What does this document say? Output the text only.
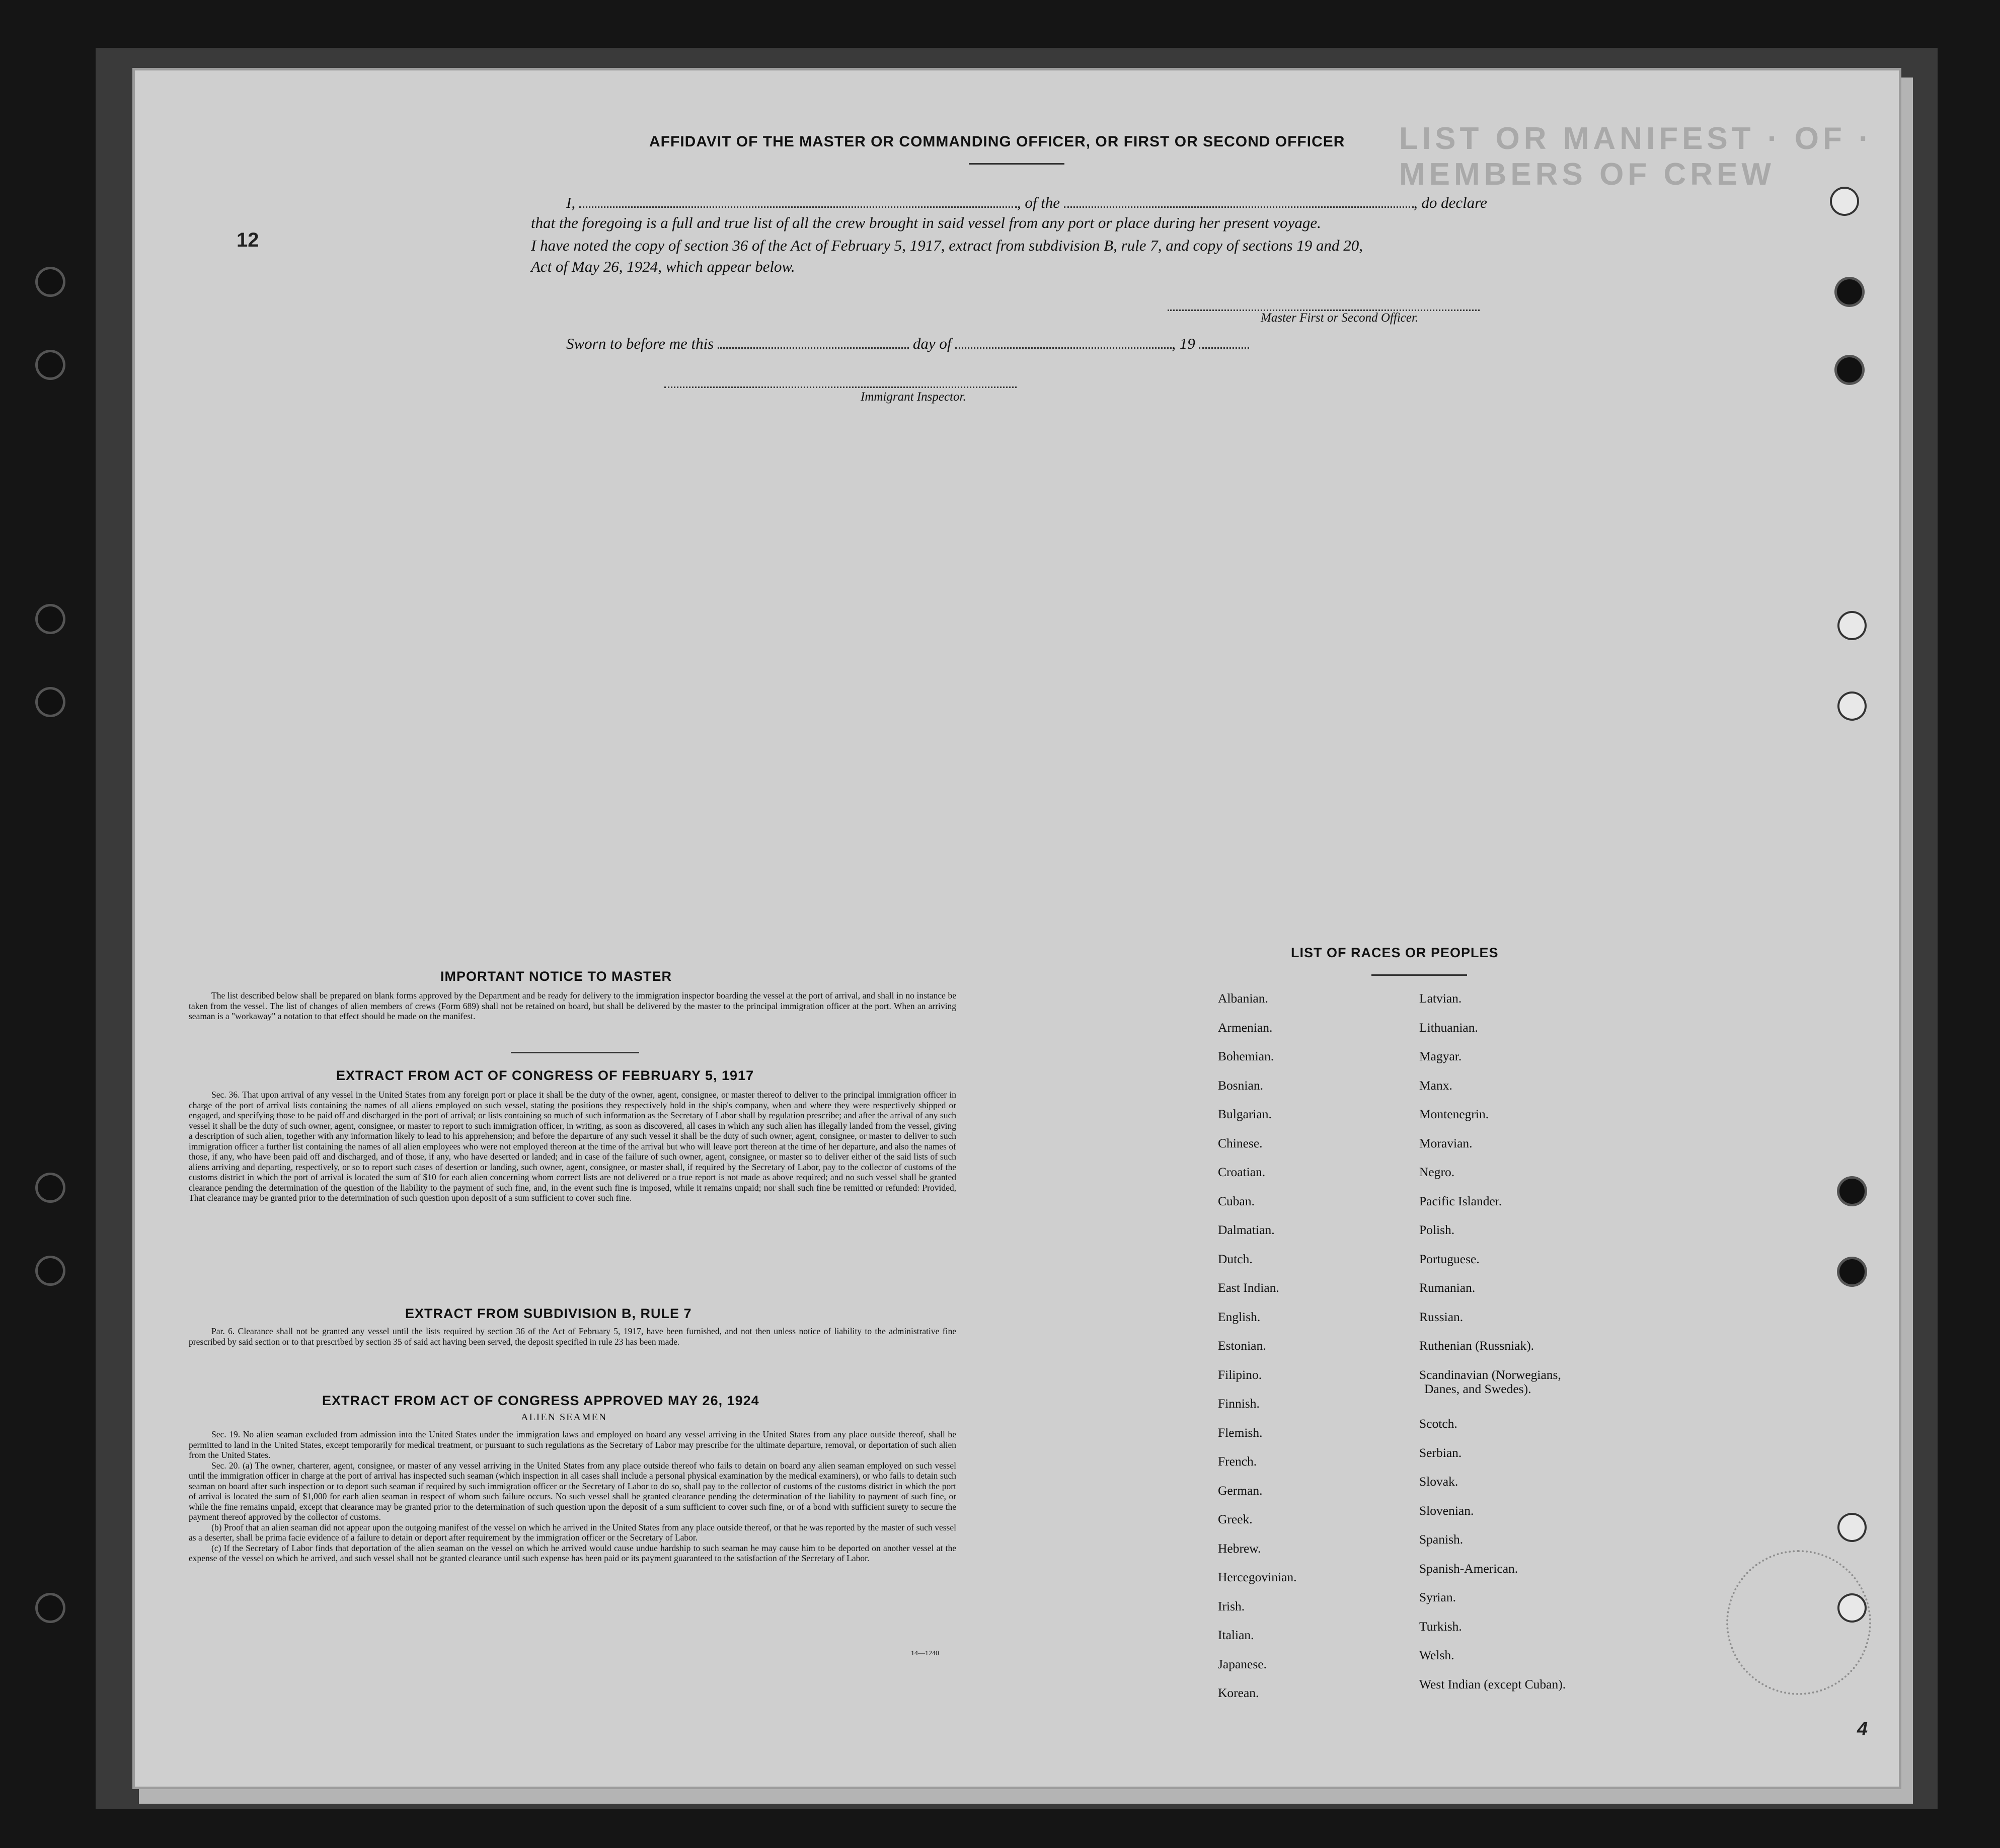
LIST OR MANIFEST · OF · MEMBERS OF CREW
12
4
AFFIDAVIT OF THE MASTER OR COMMANDING OFFICER, OR FIRST OR SECOND OFFICER
I,	, of the	, do declare
that the foregoing is a full and true list of all the crew brought in said vessel from any port or place during her present voyage.
I have noted the copy of section 36 of the Act of February 5, 1917, extract from subdivision B, rule 7, and copy of sections 19 and 20,
Act of May 26, 1924, which appear below.
Master First or Second Officer.
Sworn to before me this	day of	, 19
Immigrant Inspector.
IMPORTANT NOTICE TO MASTER

The list described below shall be prepared on blank forms approved by the Department and be ready for delivery to the immigration inspector boarding the vessel at the port of arrival, and shall in no instance be taken from the vessel. The list of changes of alien members of crews (Form 689) shall not be retained on board, but shall be delivered by the master to the principal immigration officer at the port. When an arriving seaman is a "workaway" a notation to that effect should be made on the manifest.

EXTRACT FROM ACT OF CONGRESS OF FEBRUARY 5, 1917

Sec. 36. That upon arrival of any vessel in the United States from any foreign port or place it shall be the duty of the owner, agent, consignee, or master thereof to deliver to the principal immigration officer in charge of the port of arrival lists containing the names of all aliens employed on such vessel, stating the positions they respectively hold in the ship's company, when and where they were respectively shipped or engaged, and specifying those to be paid off and discharged in the port of arrival; or lists containing so much of such information as the Secretary of Labor shall by regulation prescribe; and after the arrival of any such vessel it shall be the duty of such owner, agent, consignee, or master to report to such immigration officer, in writing, as soon as discovered, all cases in which any such alien has illegally landed from the vessel, giving a description of such alien, together with any information likely to lead to his apprehension; and before the departure of any such vessel it shall be the duty of such owner, agent, consignee, or master to deliver to such immigration officer a further list containing the names of all alien employees who were not employed thereon at the time of the arrival but who will leave port thereon at the time of her departure, and also the names of those, if any, who have been paid off and discharged, and of those, if any, who have deserted or landed; and in case of the failure of such owner, agent, consignee, or master so to deliver either of the said lists of such aliens arriving and departing, respectively, or so to report such cases of desertion or landing, such owner, agent, consignee, or master shall, if required by the Secretary of Labor, pay to the collector of customs of the customs district in which the port of arrival is located the sum of $10 for each alien concerning whom correct lists are not delivered or a true report is not made as above required; and no such vessel shall be granted clearance pending the determination of the question of the liability to the payment of such fine, and, in the event such fine is imposed, while it remains unpaid; nor shall such fine be remitted or refunded: Provided, That clearance may be granted prior to the determination of such question upon deposit of a sum sufficient to cover such fine.

EXTRACT FROM SUBDIVISION B, RULE 7

Par. 6. Clearance shall not be granted any vessel until the lists required by section 36 of the Act of February 5, 1917, have been furnished, and not then unless notice of liability to the administrative fine prescribed by said section or to that prescribed by section 35 of said act having been served, the deposit specified in rule 23 has been made.

EXTRACT FROM ACT OF CONGRESS APPROVED MAY 26, 1924
ALIEN SEAMEN

Sec. 19. No alien seaman excluded from admission into the United States under the immigration laws and employed on board any vessel arriving in the United States from any place outside thereof, shall be permitted to land in the United States, except temporarily for medical treatment, or pursuant to such regulations as the Secretary of Labor may prescribe for the ultimate departure, removal, or deportation of such alien from the United States.

Sec. 20. (a) The owner, charterer, agent, consignee, or master of any vessel arriving in the United States from any place outside thereof who fails to detain on board any alien seaman employed on such vessel until the immigration officer in charge at the port of arrival has inspected such seaman (which inspection in all cases shall include a personal physical examination by the medical examiners), or who fails to detain such seaman on board after such inspection or to deport such seaman if required by such immigration officer or the Secretary of Labor to do so, shall pay to the collector of customs of the customs district in which the port of arrival is located the sum of $1,000 for each alien seaman in respect of whom such failure occurs. No such vessel shall be granted clearance pending the determination of the liability to payment of such fine, or while the fine remains unpaid, except that clearance may be granted prior to the determination of such question upon the deposit of a sum sufficient to cover such fine, or of a bond with sufficient surety to secure the payment thereof approved by the collector of customs.

(b) Proof that an alien seaman did not appear upon the outgoing manifest of the vessel on which he arrived in the United States from any place outside thereof, or that he was reported by the master of such vessel as a deserter, shall be prima facie evidence of a failure to detain or deport after requirement by the immigration officer or the Secretary of Labor.

(c) If the Secretary of Labor finds that deportation of the alien seaman on the vessel on which he arrived would cause undue hardship to such seaman he may cause him to be deported on another vessel at the expense of the vessel on which he arrived, and such vessel shall not be granted clearance until such expense has been paid or its payment guaranteed to the satisfaction of the Secretary of Labor.

14—1240
LIST OF RACES OR PEOPLES
Albanian.
Armenian.
Bohemian.
Bosnian.
Bulgarian.
Chinese.
Croatian.
Cuban.
Dalmatian.
Dutch.
East Indian.
English.
Estonian.
Filipino.
Finnish.
Flemish.
French.
German.
Greek.
Hebrew.
Hercegovinian.
Irish.
Italian.
Japanese.
Korean.
Latvian.
Lithuanian.
Magyar.
Manx.
Montenegrin.
Moravian.
Negro.
Pacific Islander.
Polish.
Portuguese.
Rumanian.
Russian.
Ruthenian (Russniak).
Scandinavian (Norwegians,
Danes, and Swedes).
Scotch.
Serbian.
Slovak.
Slovenian.
Spanish.
Spanish-American.
Syrian.
Turkish.
Welsh.
West Indian (except Cuban).
